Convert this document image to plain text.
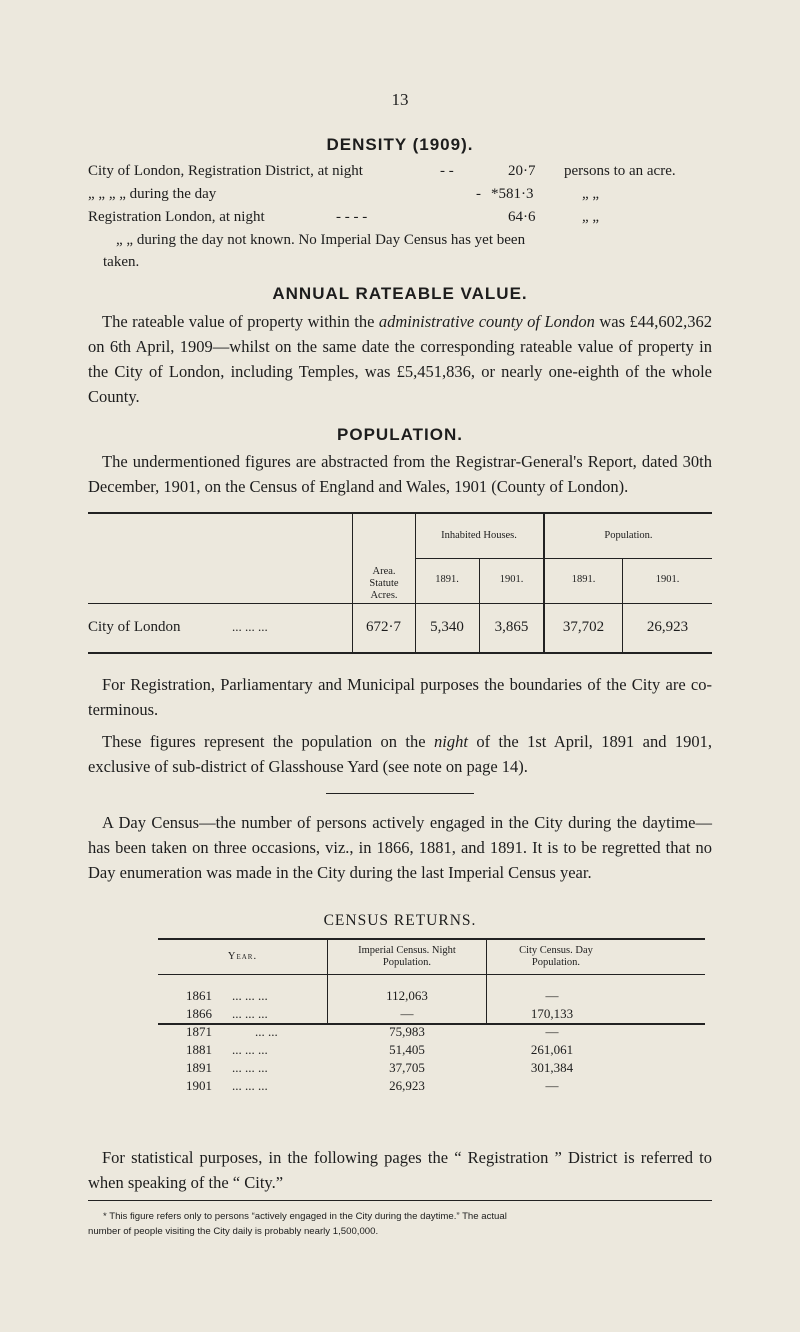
13
DENSITY (1909).
City of London, Registration District, at night	- -	20·7 persons to an acre.
„ „ „ „ during the day	- *581·3	„ „
Registration London, at night	- - - -	64·6	„ „
„ „ during the day not known. No Imperial Day Census has yet been
taken.
ANNUAL RATEABLE VALUE.
The rateable value of property within the administrative county of London was £44,602,362 on 6th April, 1909—whilst on the same date the corresponding rateable value of property in the City of London, including Temples, was £5,451,836, or nearly one-eighth of the whole County.
POPULATION.
The undermentioned figures are abstracted from the Registrar-General's Report, dated 30th December, 1901, on the Census of England and Wales, 1901 (County of London).
Area. Statute Acres.
Inhabited Houses.	Population.
1891.	1901.	1891.	1901.
City of London	... ... ...	672·7	5,340	3,865	37,702	26,923
For Registration, Parliamentary and Municipal purposes the boundaries of the City are co-terminous.
These figures represent the population on the night of the 1st April, 1891 and 1901, exclusive of sub-district of Glasshouse Yard (see note on page 14).
A Day Census—the number of persons actively engaged in the City during the daytime—has been taken on three occasions, viz., in 1866, 1881, and 1891. It is to be regretted that no Day enumeration was made in the City during the last Imperial Census year.
CENSUS RETURNS.
Year.
Imperial Census. Night Population.
City Census. Day Population.
1861 ... ... ...	112,063	—
1866 ... ... ...	—	170,133
1871	... ...	75,983	—
1881 ... ... ...	51,405	261,061
1891 ... ... ...	37,705	301,384
1901 ... ... ...	26,923	—
For statistical purposes, in the following pages the “ Registration ” District is referred to when speaking of the “ City.”
* This figure refers only to persons “actively engaged in the City during the daytime.” The actual
number of people visiting the City daily is probably nearly 1,500,000.
